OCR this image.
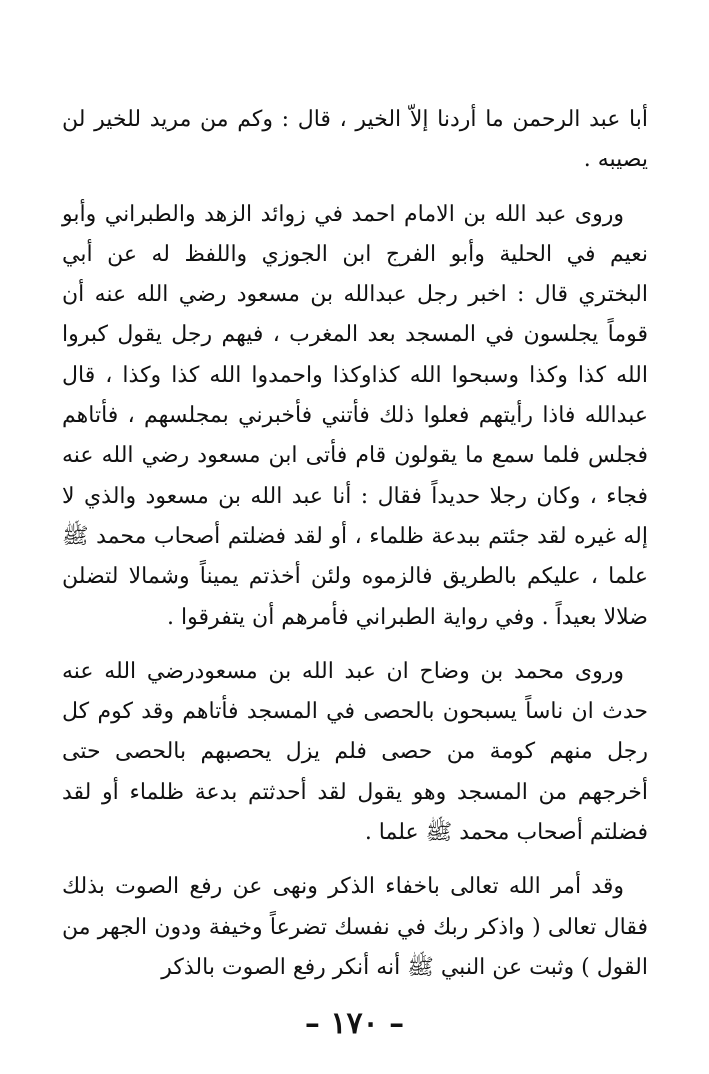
أبا عبد الرحمن ما أردنا إلاّ الخير ، قال : وكم من مريد للخير لن يصيبه .

وروى عبد الله بن الامام احمد في زوائد الزهد والطبراني وأبو نعيم في الحلية وأبو الفرج ابن الجوزي واللفظ له عن أبي البختري قال : اخبر رجل عبدالله بن مسعود رضي الله عنه أن قوماً يجلسون في المسجد بعد المغرب ، فيهم رجل يقول كبروا الله كذا وكذا وسبحوا الله كذاوكذا واحمدوا الله كذا وكذا ، قال عبدالله فاذا رأيتهم فعلوا ذلك فأتني فأخبرني بمجلسهم ، فأتاهم فجلس فلما سمع ما يقولون قام فأتى ابن مسعود رضي الله عنه فجاء ، وكان رجلا حديداً فقال : أنا عبد الله بن مسعود والذي لا إله غيره لقد جئتم ببدعة ظلماء ، أو لقد فضلتم أصحاب محمد ﷺ علما ، عليكم بالطريق فالزموه ولئن أخذتم يميناً وشمالا لتضلن ضلالا بعيداً . وفي رواية الطبراني فأمرهم أن يتفرقوا .

وروى محمد بن وضاح ان عبد الله بن مسعودرضي الله عنه حدث ان ناساً يسبحون بالحصى في المسجد فأتاهم وقد كوم كل رجل منهم كومة من حصى فلم يزل يحصبهم بالحصى حتى أخرجهم من المسجد وهو يقول لقد أحدثتم بدعة ظلماء أو لقد فضلتم أصحاب محمد ﷺ علما .

وقد أمر الله تعالى باخفاء الذكر ونهى عن رفع الصوت بذلك فقال تعالى ( واذكر ربك في نفسك تضرعاً وخيفة ودون الجهر من القول ) وثبت عن النبي ﷺ أنه أنكر رفع الصوت بالذكر

– ١٧٠ –
